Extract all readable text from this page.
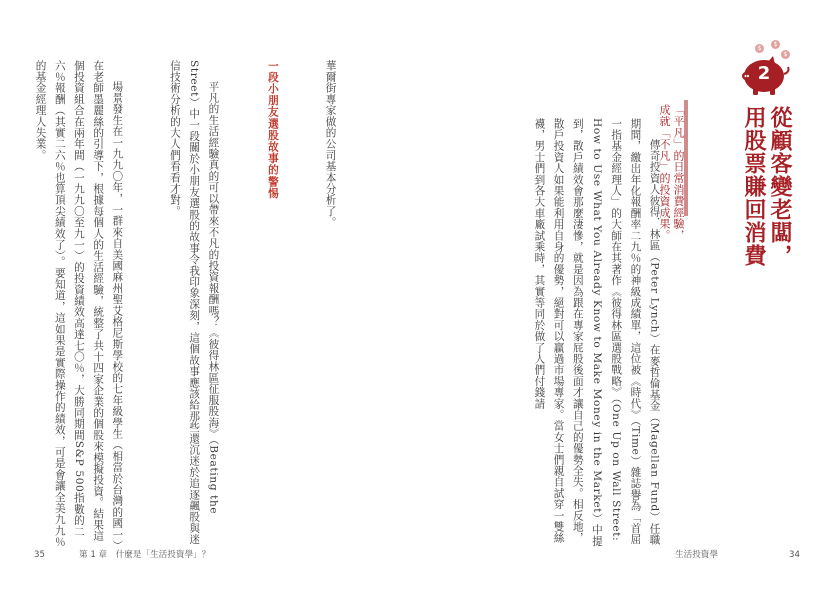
華爾街專家做的公司基本分析了。

一段小朋友選股故事的警惕

平凡的生活經驗真的可以帶來不凡的投資報酬嗎？《彼得林區征服股海》（Beating the Street）中一段關於小朋友選股的故事令我印象深刻，這個故事應該給那些還沉迷於追逐飆股與迷信技術分析的大人們看看才對。

場景發生在一九九〇年，一群來自美國麻州聖艾格尼斯學校的七年級學生（相當於台灣的國一）在老師墨麗絲的引導下，根據每個人的生活經驗，統整了共十四家企業的個股來模擬投資。結果這個投資組合在兩年間（一九九〇至九一）的投資績效高達七〇％，大勝同期間S&P 500指數的二六％報酬（其實二六％也算頂尖績效了）。要知道，這如果是實際操作的績效，可是會讓全美九九％的基金經理人失業。

35	第 1 章　什麼是「生活投資學」？
$
$
$
2
從顧客變老闆，
用股票賺回消費
「平凡」的日常消費經驗，
成就「不凡」的投資成果。

傳奇投資人彼得．林區（Peter Lynch）在麥哲倫基金（Magellan Fund）任職期間，繳出年化報酬率二九％的神級成績單，這位被《時代》（Time）雜誌譽為「首屈一指基金經理人」的大師在其著作《彼得林區選股戰略》（One Up on Wall Street: How to Use What You Already Know to Make Money in the Market）中提到，散戶績效會那麼淒慘，就是因為跟在專家屁股後面才讓自己的優勢全失。相反地，散戶投資人如果能利用自身的優勢，絕對可以贏過市場專家。當女士們親自試穿一雙絲襪，男士們到各大車廠試乘時，其實等同於做了人們付錢請

生活投資學	34
